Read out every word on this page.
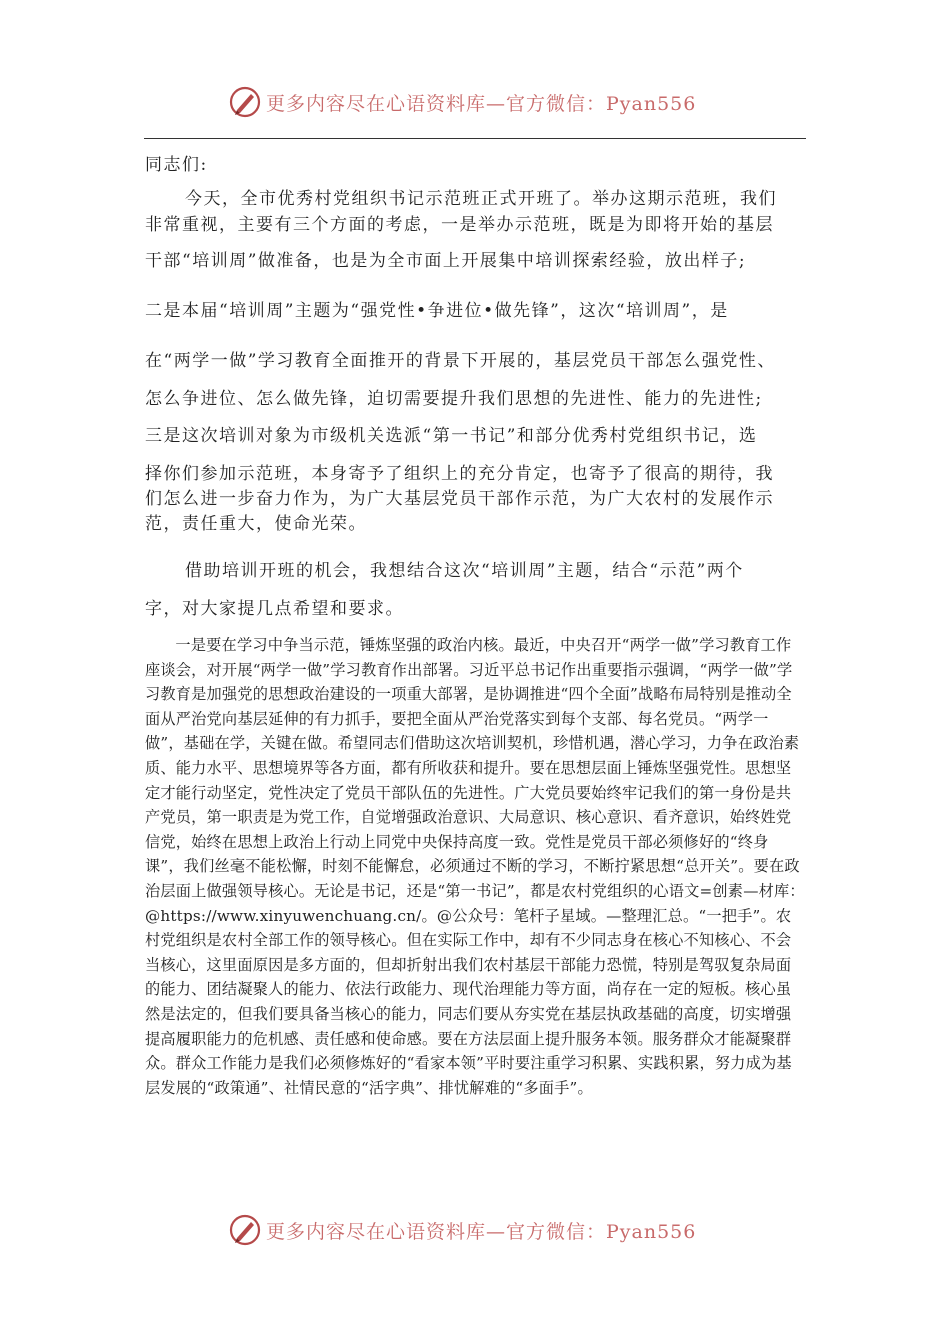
更多内容尽在心语资料库—官方微信：Pyan556
同志们:
今天，全市优秀村党组织书记示范班正式开班了。举办这期示范班，我们
非常重视，主要有三个方面的考虑，一是举办示范班，既是为即将开始的基层
干部“培训周”做准备，也是为全市面上开展集中培训探索经验，放出样子;
二是本届“培训周”主题为“强党性•争进位•做先锋”，这次“培训周”，是
在“两学一做”学习教育全面推开的背景下开展的，基层党员干部怎么强党性、
怎么争进位、怎么做先锋，迫切需要提升我们思想的先进性、能力的先进性;
三是这次培训对象为市级机关选派“第一书记”和部分优秀村党组织书记，选
择你们参加示范班，本身寄予了组织上的充分肯定，也寄予了很高的期待，我
们怎么进一步奋力作为，为广大基层党员干部作示范，为广大农村的发展作示
范，责任重大，使命光荣。
借助培训开班的机会，我想结合这次“培训周”主题，结合“示范”两个
字，对大家提几点希望和要求。

一是要在学习中争当示范，锤炼坚强的政治内核。最近，中央召开“两学一做”学习教育工作座谈会，对开展“两学一做”学习教育作出部署。习近平总书记作出重要指示强调，“两学一做”学习教育是加强党的思想政治建设的一项重大部署，是协调推进“四个全面”战略布局特别是推动全面从严治党向基层延伸的有力抓手，要把全面从严治党落实到每个支部、每名党员。“两学一做”，基础在学，关键在做。希望同志们借助这次培训契机，珍惜机遇，潜心学习，力争在政治素质、能力水平、思想境界等各方面，都有所收获和提升。要在思想层面上锤炼坚强党性。思想坚定才能行动坚定，党性决定了党员干部队伍的先进性。广大党员要始终牢记我们的第一身份是共产党员，第一职责是为党工作，自觉增强政治意识、大局意识、核心意识、看齐意识，始终姓党信党，始终在思想上政治上行动上同党中央保持高度一致。党性是党员干部必须修好的“终身课”，我们丝毫不能松懈，时刻不能懈怠，必须通过不断的学习，不断拧紧思想“总开关”。要在政治层面上做强领导核心。无论是书记，还是“第一书记”，都是农村党组织的心语文=创素—材库：@https://www.xinyuwenchuang.cn/。@公众号：笔杆子星域。—整理汇总。“一把手”。农村党组织是农村全部工作的领导核心。但在实际工作中，却有不少同志身在核心不知核心、不会当核心，这里面原因是多方面的，但却折射出我们农村基层干部能力恐慌，特别是驾驭复杂局面的能力、团结凝聚人的能力、依法行政能力、现代治理能力等方面，尚存在一定的短板。核心虽然是法定的，但我们要具备当核心的能力，同志们要从夯实党在基层执政基础的高度，切实增强提高履职能力的危机感、责任感和使命感。要在方法层面上提升服务本领。服务群众才能凝聚群众。群众工作能力是我们必须修炼好的“看家本领”平时要注重学习积累、实践积累，努力成为基层发展的“政策通”、社情民意的“活字典”、排忧解难的“多面手”。

更多内容尽在心语资料库—官方微信：Pyan556
